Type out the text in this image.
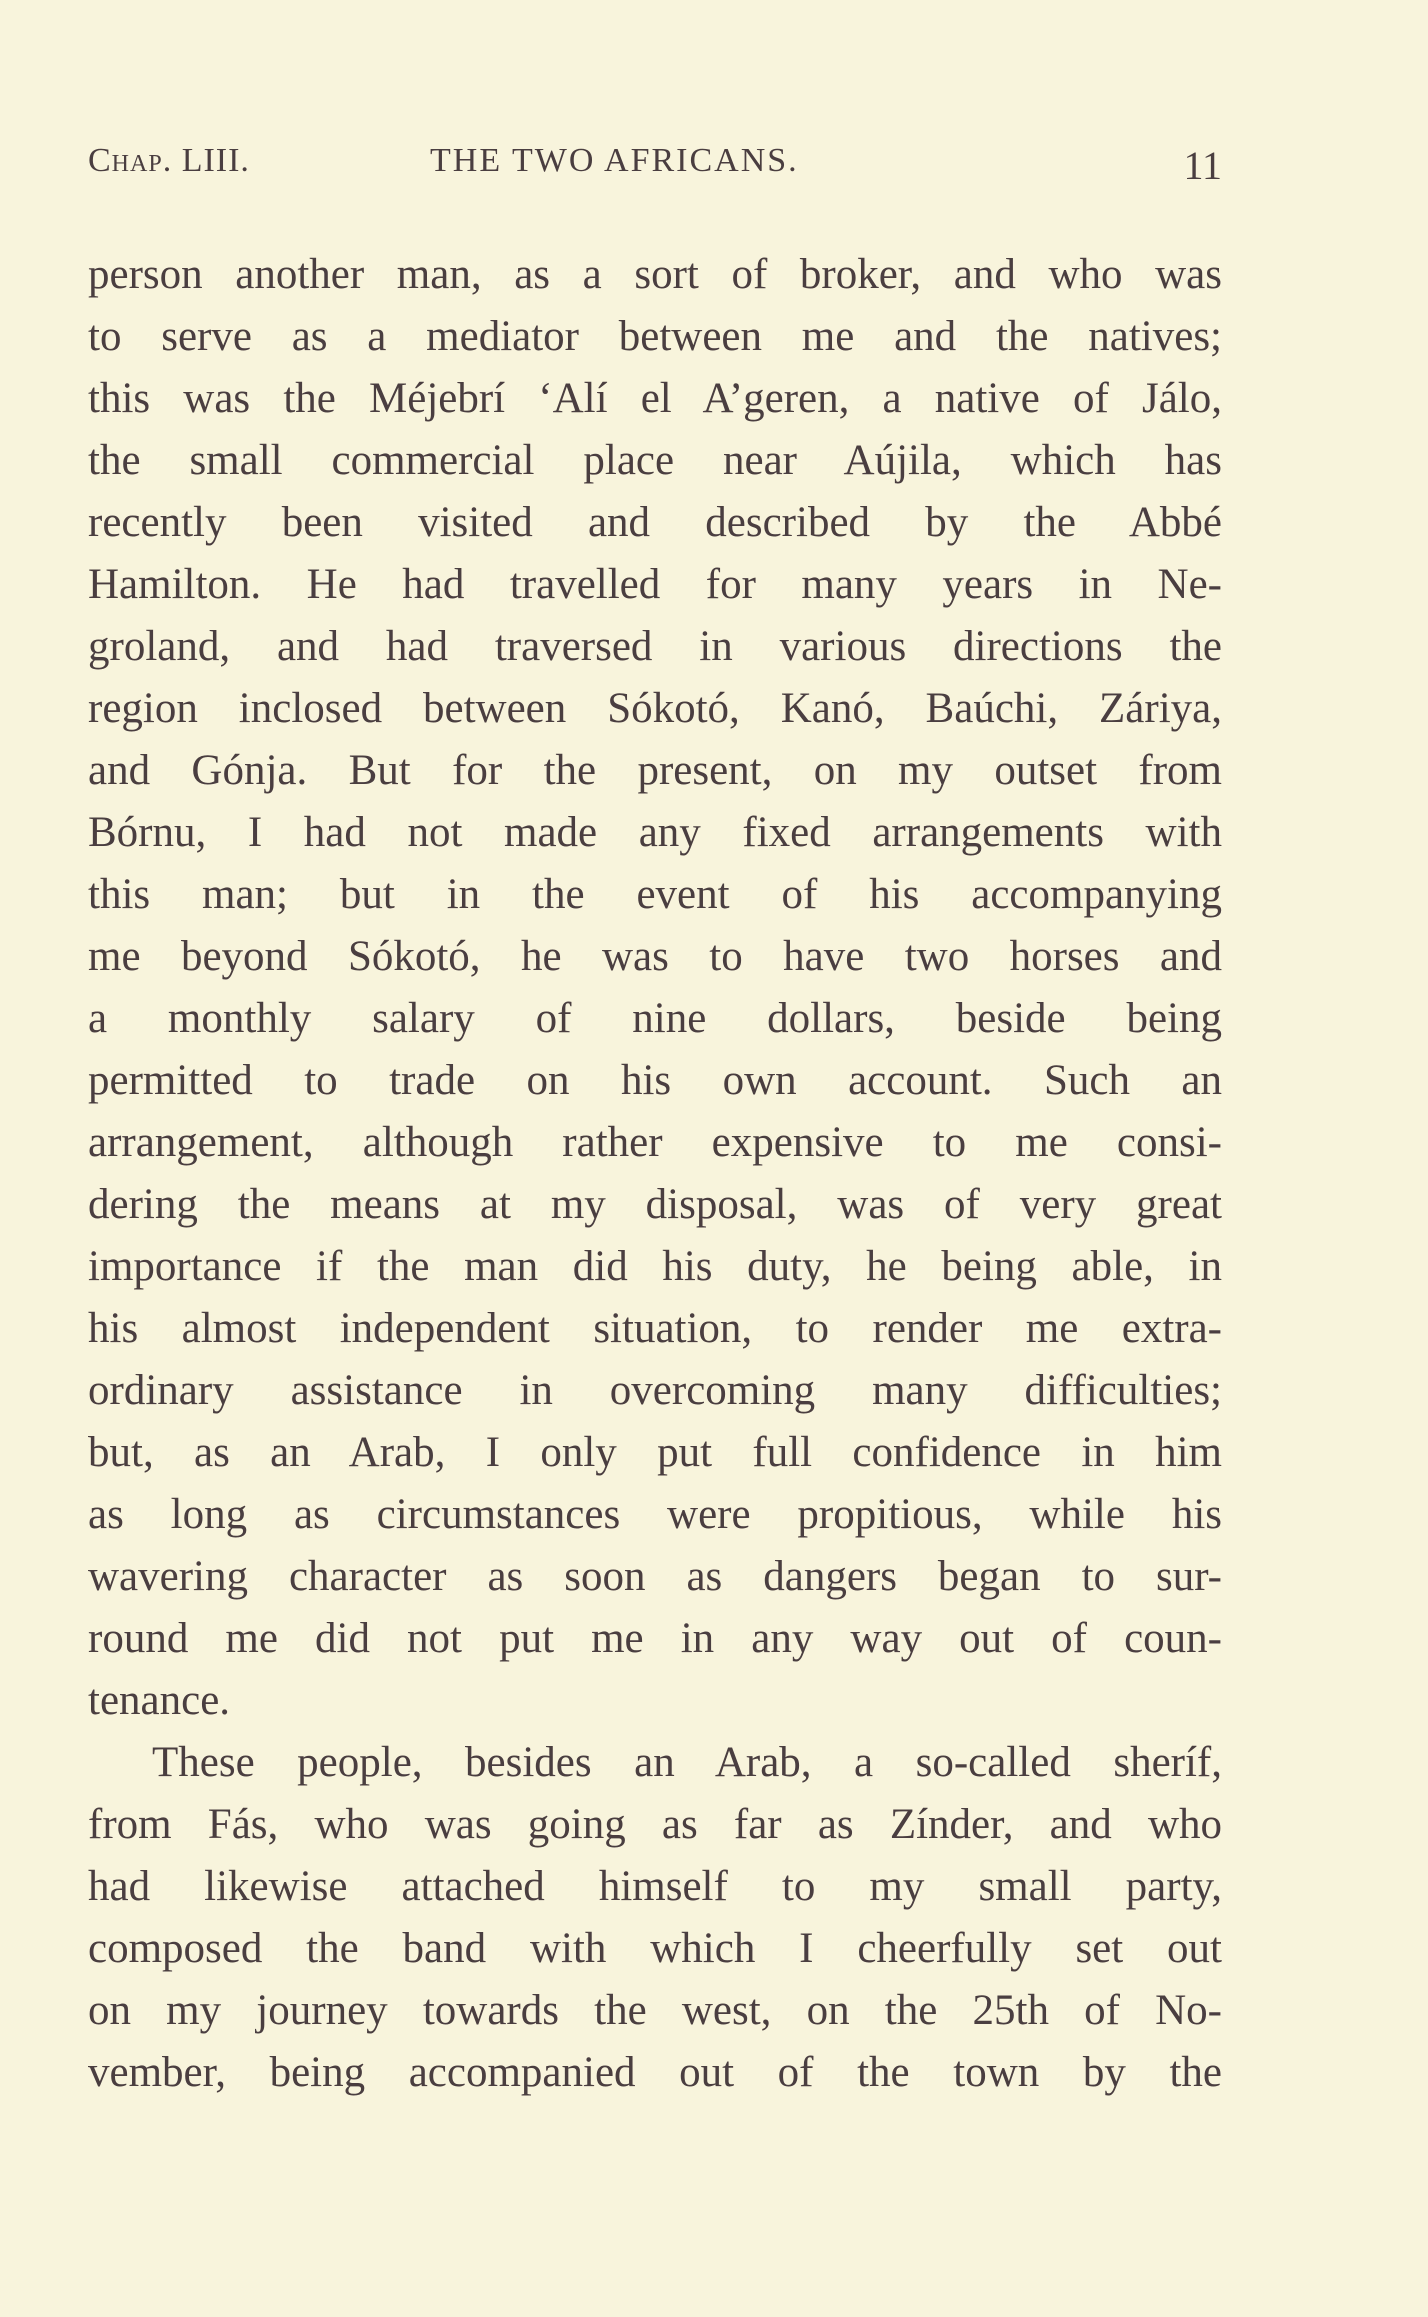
Chap. LIII.	THE TWO AFRICANS.	11
person another man, as a sort of broker, and who was
to serve as a mediator between me and the natives;
this was the Méjebrí ‘Alí el A’geren, a native of Jálo,
the small commercial place near Aújila, which has
recently been visited and described by the Abbé
Hamilton. He had travelled for many years in Ne-
groland, and had traversed in various directions the
region inclosed between Sókotó, Kanó, Baúchi, Záriya,
and Gónja. But for the present, on my outset from
Bórnu, I had not made any fixed arrangements with
this man; but in the event of his accompanying
me beyond Sókotó, he was to have two horses and
a monthly salary of nine dollars, beside being
permitted to trade on his own account. Such an
arrangement, although rather expensive to me consi-
dering the means at my disposal, was of very great
importance if the man did his duty, he being able, in
his almost independent situation, to render me extra-
ordinary assistance in overcoming many difficulties;
but, as an Arab, I only put full confidence in him
as long as circumstances were propitious, while his
wavering character as soon as dangers began to sur-
round me did not put me in any way out of coun-
tenance.
These people, besides an Arab, a so-called sheríf,
from Fás, who was going as far as Zínder, and who
had likewise attached himself to my small party,
composed the band with which I cheerfully set out
on my journey towards the west, on the 25th of No-
vember, being accompanied out of the town by the
